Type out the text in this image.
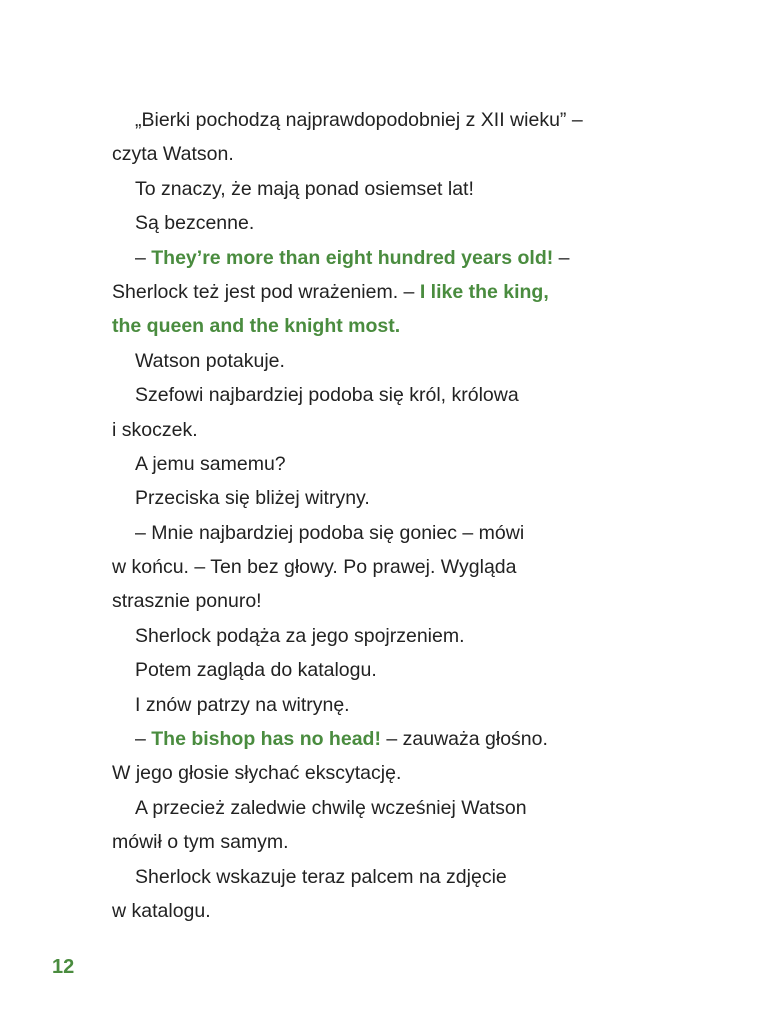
„Bierki pochodzą najprawdopodobniej z XII wieku” –
czyta Watson.
To znaczy, że mają ponad osiemset lat!
Są bezcenne.
– They’re more than eight hundred years old! –
Sherlock też jest pod wrażeniem. – I like the king,
the queen and the knight most.
Watson potakuje.
Szefowi najbardziej podoba się król, królowa
i skoczek.
A jemu samemu?
Przeciska się bliżej witryny.
– Mnie najbardziej podoba się goniec – mówi
w końcu. – Ten bez głowy. Po prawej. Wygląda
strasznie ponuro!
Sherlock podąża za jego spojrzeniem.
Potem zagląda do katalogu.
I znów patrzy na witrynę.
– The bishop has no head! – zauważa głośno.
W jego głosie słychać ekscytację.
A przecież zaledwie chwilę wcześniej Watson
mówił o tym samym.
Sherlock wskazuje teraz palcem na zdjęcie
w katalogu.
12
